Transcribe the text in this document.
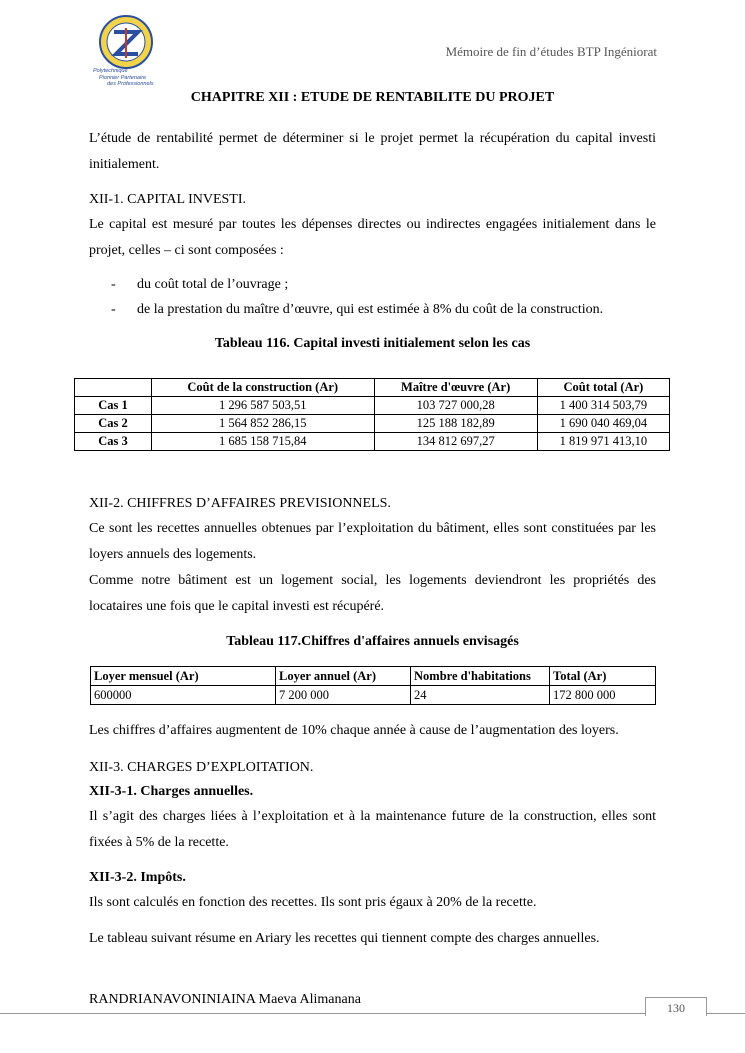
Polytechnique
Pionnier Partenaire
des Professionnels
Mémoire de fin d’études BTP Ingéniorat
CHAPITRE XII : ETUDE DE RENTABILITE DU PROJET

L’étude de rentabilité permet de déterminer si le projet permet la récupération du capital investi initialement.

XII-1. CAPITAL INVESTI.

Le capital est mesuré par toutes les dépenses directes ou indirectes engagées initialement dans le projet, celles – ci sont composées :

- du coût total de l’ouvrage ;
- de la prestation du maître d’œuvre, qui est estimée à 8% du coût de la construction.

Tableau 116. Capital investi initialement selon les cas

	Coût de la construction (Ar)	Maître d'œuvre (Ar)	Coût total (Ar)
Cas 1	1 296 587 503,51	103 727 000,28	1 400 314 503,79
Cas 2	1 564 852 286,15	125 188 182,89	1 690 040 469,04
Cas 3	1 685 158 715,84	134 812 697,27	1 819 971 413,10

XII-2. CHIFFRES D’AFFAIRES PREVISIONNELS.

Ce sont les recettes annuelles obtenues par l’exploitation du bâtiment, elles sont constituées par les loyers annuels des logements.

Comme notre bâtiment est un logement social, les logements deviendront les propriétés des locataires une fois que le capital investi est récupéré.

Tableau 117.Chiffres d'affaires annuels envisagés

Loyer mensuel (Ar)	Loyer annuel (Ar)	Nombre d'habitations	Total (Ar)
600000	7 200 000	24	172 800 000

Les chiffres d’affaires augmentent de 10% chaque année à cause de l’augmentation des loyers.

XII-3. CHARGES D’EXPLOITATION.

XII-3-1. Charges annuelles.

Il s’agit des charges liées à l’exploitation et à la maintenance future de la construction, elles sont fixées à 5% de la recette.

XII-3-2. Impôts.

Ils sont calculés en fonction des recettes. Ils sont pris égaux à 20% de la recette.

Le tableau suivant résume en Ariary les recettes qui tiennent compte des charges annuelles.

RANDRIANAVONINIAINA Maeva Alimanana
130
